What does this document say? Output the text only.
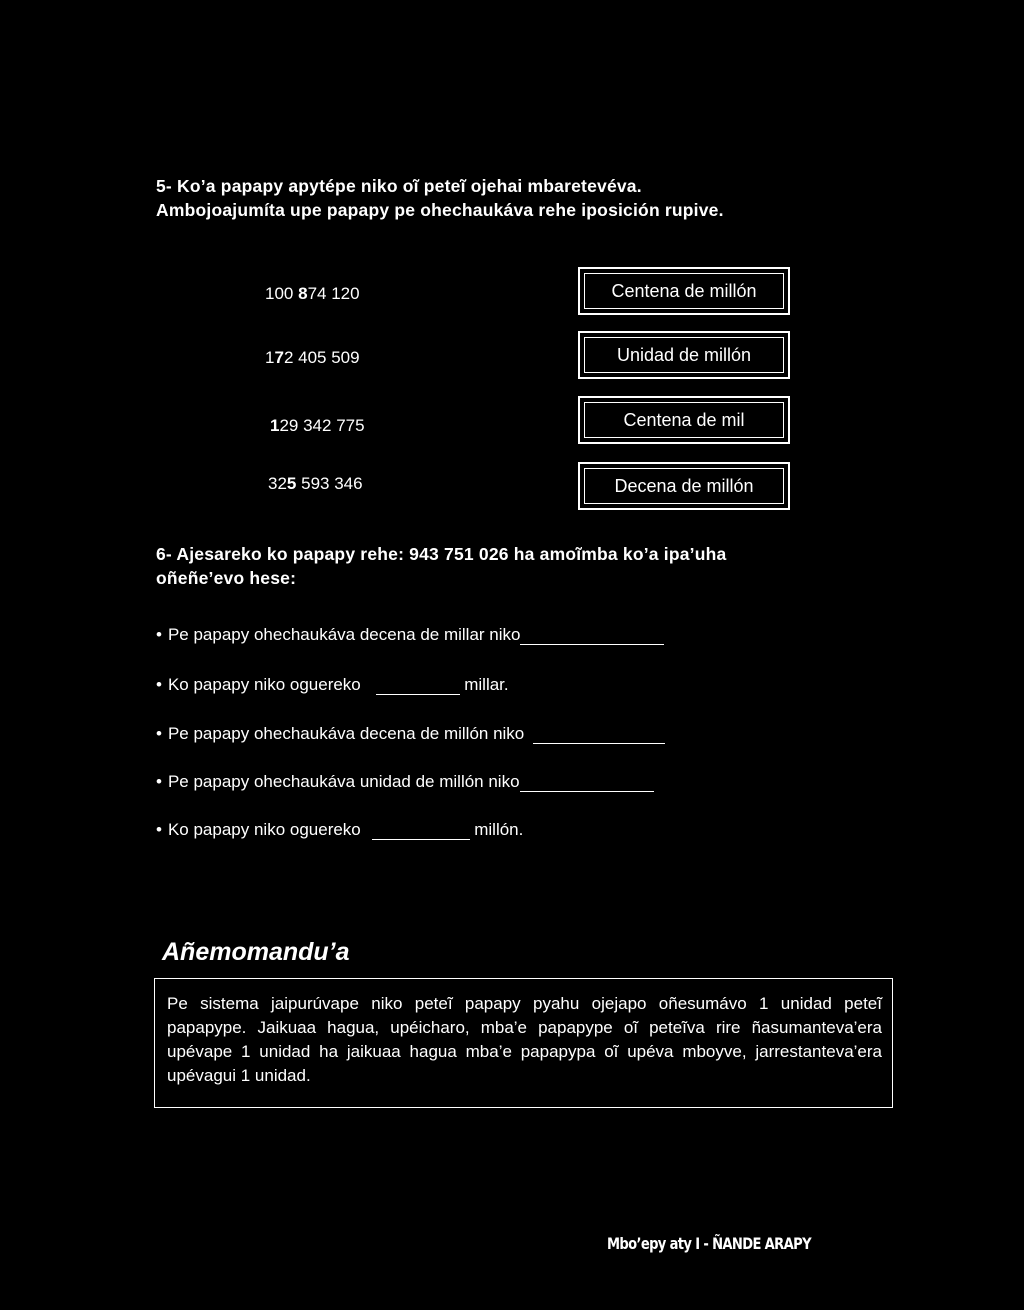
5- Ko’a papapy apytépe niko oĩ peteĩ ojehai mbaretevéva.
Ambojoajumíta upe papapy pe ohechaukáva rehe iposición rupive.
100 874 120
172 405 509
129 342 775
325 593 346
Centena de millón
Unidad de millón
Centena de mil
Decena de millón
6- Ajesareko ko papapy rehe: 943 751 026 ha amoĩmba ko’a ipa’uha
oñeñe’evo hese:
• Pe papapy ohechaukáva decena de millar niko
• Ko papapy niko oguereko	millar.
• Pe papapy ohechaukáva decena de millón niko
• Pe papapy ohechaukáva unidad de millón niko
• Ko papapy niko oguereko	millón.
Añemomandu’a

Pe sistema jaipurúvape niko peteĩ papapy pyahu ojejapo oñesumávo 1 unidad peteĩ papapype. Jaikuaa hagua, upéicharo, mba’e papapype oĩ peteĩva rire ñasumanteva’era upévape 1 unidad ha jaikuaa hagua mba’e papapypa oĩ upéva mboyve, jarrestanteva’era upévagui 1 unidad.

Mbo’epy aty I - ÑANDE ARAPY
